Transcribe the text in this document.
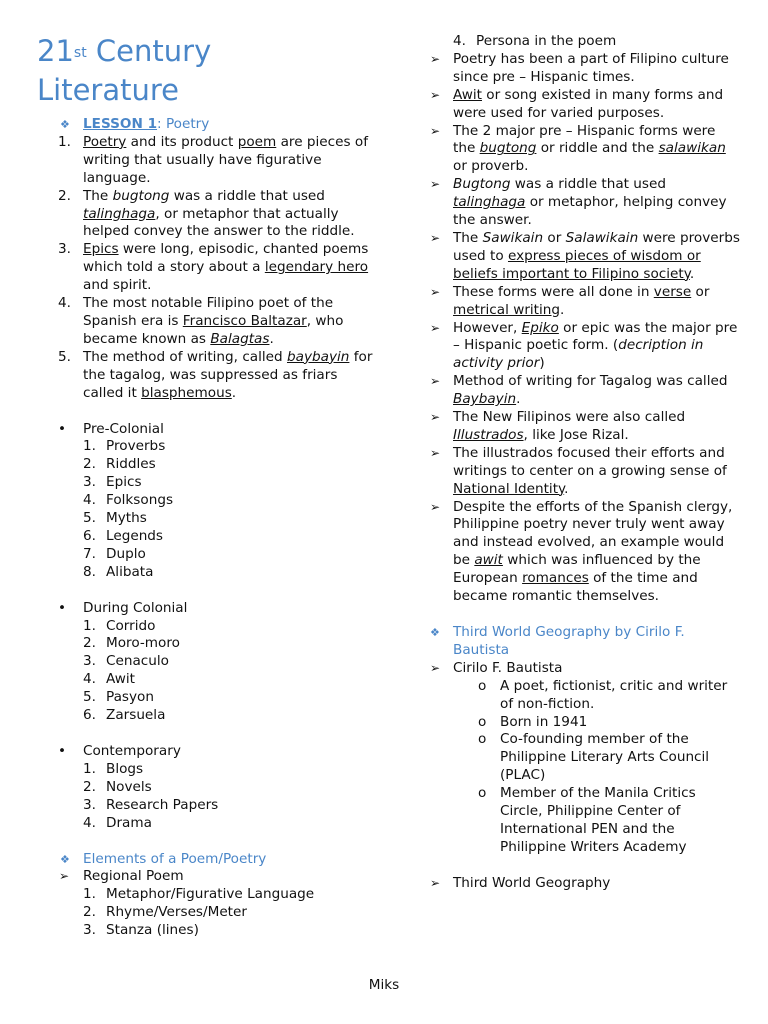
21st Century
Literature
❖ LESSON 1: Poetry
1. Poetry and its product poem are pieces of writing that usually have figurative language.
2. The bugtong was a riddle that used talinghaga, or metaphor that actually helped convey the answer to the riddle.
3. Epics were long, episodic, chanted poems which told a story about a legendary hero and spirit.
4. The most notable Filipino poet of the Spanish era is Francisco Baltazar, who became known as Balagtas.
5. The method of writing, called baybayin for the tagalog, was suppressed as friars called it blasphemous.
• Pre-Colonial
1. Proverbs
2. Riddles
3. Epics
4. Folksongs
5. Myths
6. Legends
7. Duplo
8. Alibata
• During Colonial
1. Corrido
2. Moro-moro
3. Cenaculo
4. Awit
5. Pasyon
6. Zarsuela
• Contemporary
1. Blogs
2. Novels
3. Research Papers
4. Drama
❖ Elements of a Poem/Poetry
➢ Regional Poem
1. Metaphor/Figurative Language
2. Rhyme/Verses/Meter
3. Stanza (lines)
4. Persona in the poem
➢ Poetry has been a part of Filipino culture since pre – Hispanic times.
➢ Awit or song existed in many forms and were used for varied purposes.
➢ The 2 major pre – Hispanic forms were the bugtong or riddle and the salawikan or proverb.
➢ Bugtong was a riddle that used talinghaga or metaphor, helping convey the answer.
➢ The Sawikain or Salawikain were proverbs used to express pieces of wisdom or beliefs important to Filipino society.
➢ These forms were all done in verse or metrical writing.
➢ However, Epiko or epic was the major pre – Hispanic poetic form. (decription in activity prior)
➢ Method of writing for Tagalog was called Baybayin.
➢ The New Filipinos were also called Illustrados, like Jose Rizal.
➢ The illustrados focused their efforts and writings to center on a growing sense of National Identity.
➢ Despite the efforts of the Spanish clergy, Philippine poetry never truly went away and instead evolved, an example would be awit which was influenced by the European romances of the time and became romantic themselves.
❖ Third World Geography by Cirilo F. Bautista
➢ Cirilo F. Bautista
o A poet, fictionist, critic and writer of non-fiction.
o Born in 1941
o Co-founding member of the Philippine Literary Arts Council (PLAC)
o Member of the Manila Critics Circle, Philippine Center of International PEN and the Philippine Writers Academy
➢ Third World Geography
Miks
